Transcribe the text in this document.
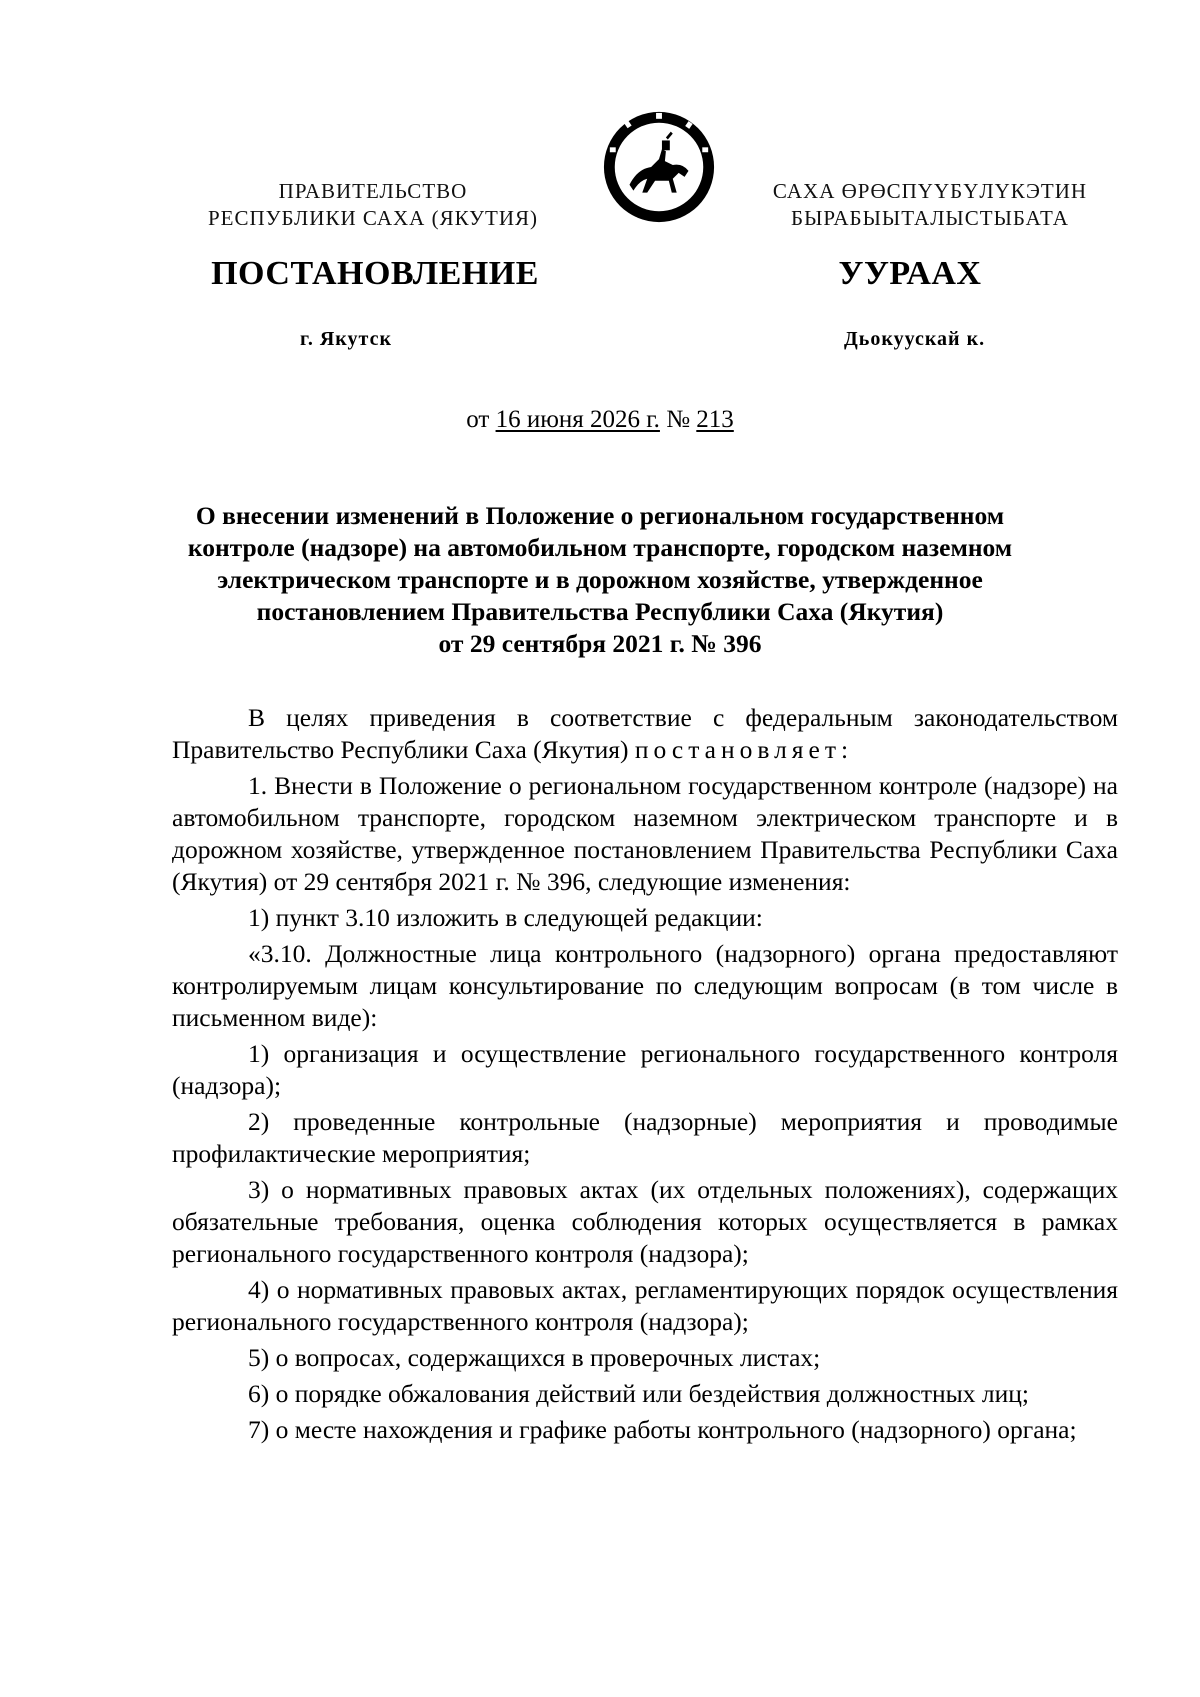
ПРАВИТЕЛЬСТВО
РЕСПУБЛИКИ САХА (ЯКУТИЯ)
САХА ӨРӨСПҮҮБҮЛҮКЭТИН
БЫРАБЫЫТАЛЫСТЫБАТА
ПОСТАНОВЛЕНИЕ	УУРААХ
г. Якутск	Дьокуускай к.
от 16 июня 2026 г. № 213
О внесении изменений в Положение о региональном государственном
контроле (надзоре) на автомобильном транспорте, городском наземном
электрическом транспорте и в дорожном хозяйстве, утвержденное
постановлением Правительства Республики Саха (Якутия)
от 29 сентября 2021 г. № 396

В целях приведения в соответствие с федеральным законодательством Правительство Республики Саха (Якутия) постановляет:

1. Внести в Положение о региональном государственном контроле (надзоре) на автомобильном транспорте, городском наземном электрическом транспорте и в дорожном хозяйстве, утвержденное постановлением Правительства Республики Саха (Якутия) от 29 сентября 2021 г. № 396, следующие изменения:

1) пункт 3.10 изложить в следующей редакции:

«3.10. Должностные лица контрольного (надзорного) органа предоставляют контролируемым лицам консультирование по следующим вопросам (в том числе в письменном виде):

1) организация и осуществление регионального государственного контроля (надзора);

2) проведенные контрольные (надзорные) мероприятия и проводимые профилактические мероприятия;

3) о нормативных правовых актах (их отдельных положениях), содержащих обязательные требования, оценка соблюдения которых осуществляется в рамках регионального государственного контроля (надзора);

4) о нормативных правовых актах, регламентирующих порядок осуществления регионального государственного контроля (надзора);

5) о вопросах, содержащихся в проверочных листах;

6) о порядке обжалования действий или бездействия должностных лиц;

7) о месте нахождения и графике работы контрольного (надзорного) органа;
